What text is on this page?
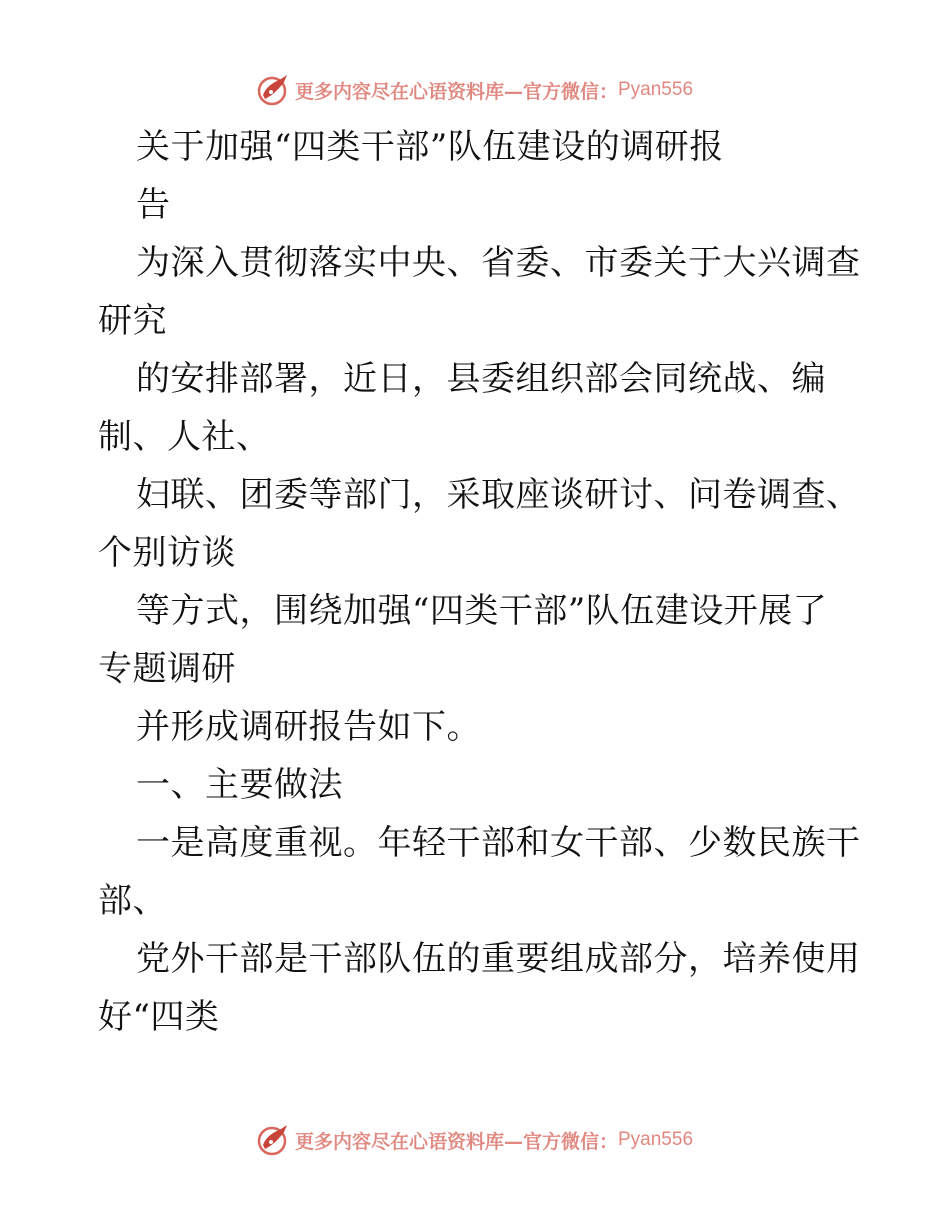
更多内容尽在心语资料库—官方微信： Pyan556
关于加强“四类干部”队伍建设的调研报
告
为深入贯彻落实中央、省委、市委关于大兴调查
研究
的安排部署，近日，县委组织部会同统战、编
制、人社、
妇联、团委等部门，采取座谈研讨、问卷调查、
个别访谈
等方式，围绕加强“四类干部”队伍建设开展了
专题调研
并形成调研报告如下。
一、主要做法
一是高度重视。年轻干部和女干部、少数民族干
部、
党外干部是干部队伍的重要组成部分，培养使用
好“四类
更多内容尽在心语资料库—官方微信： Pyan556
